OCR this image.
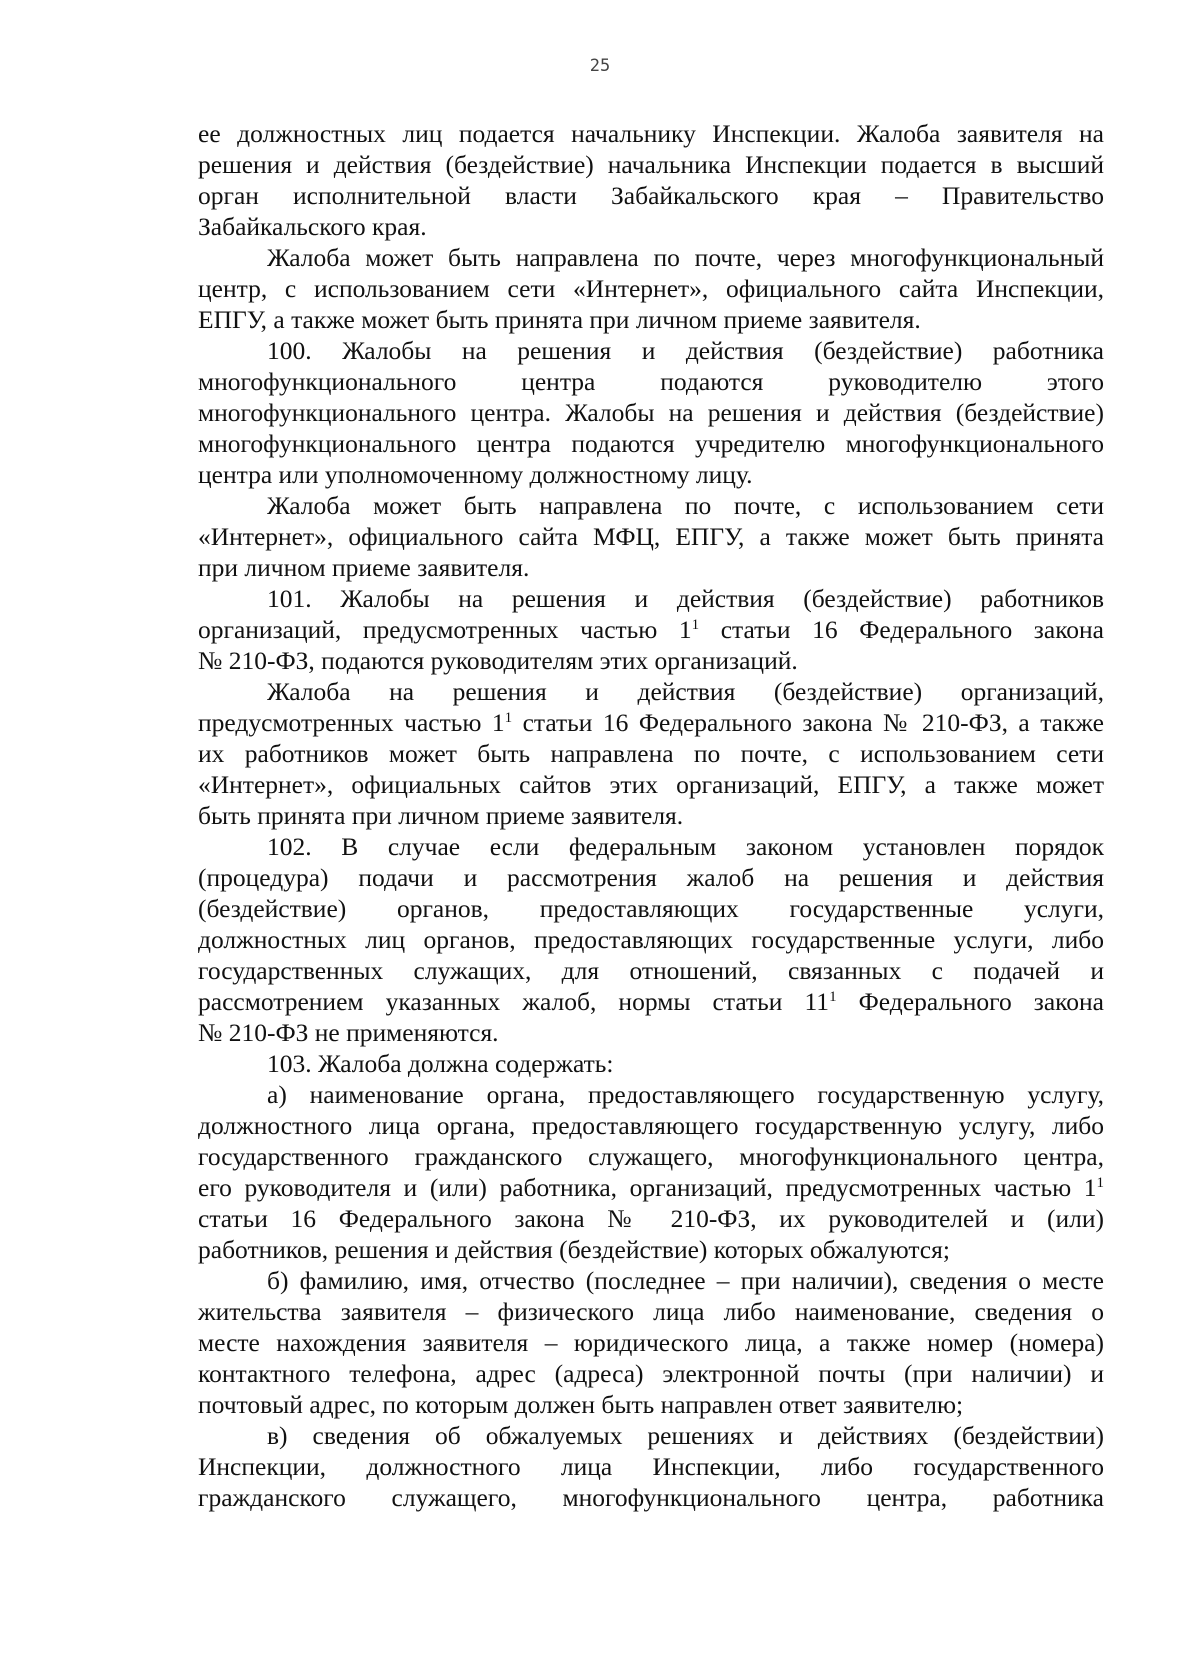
25
ее должностных лиц подается начальнику Инспекции. Жалоба заявителя на
решения и действия (бездействие) начальника Инспекции подается в высший
орган исполнительной власти Забайкальского края – Правительство
Забайкальского края.
Жалоба может быть направлена по почте, через многофункциональный
центр, с использованием сети «Интернет», официального сайта Инспекции,
ЕПГУ, а также может быть принята при личном приеме заявителя.
100. Жалобы на решения и действия (бездействие) работника
многофункционального центра подаются руководителю этого
многофункционального центра. Жалобы на решения и действия (бездействие)
многофункционального центра подаются учредителю многофункционального
центра или уполномоченному должностному лицу.
Жалоба может быть направлена по почте, с использованием сети
«Интернет», официального сайта МФЦ, ЕПГУ, а также может быть принята
при личном приеме заявителя.
101. Жалобы на решения и действия (бездействие) работников
организаций, предусмотренных частью $1^1$ статьи 16 Федерального закона
№ 210-ФЗ, подаются руководителям этих организаций.
Жалоба на решения и действия (бездействие) организаций,
предусмотренных частью $1^1$ статьи 16 Федерального закона № 210-ФЗ, а также
их работников может быть направлена по почте, с использованием сети
«Интернет», официальных сайтов этих организаций, ЕПГУ, а также может
быть принята при личном приеме заявителя.
102. В случае если федеральным законом установлен порядок
(процедура) подачи и рассмотрения жалоб на решения и действия
(бездействие) органов, предоставляющих государственные услуги,
должностных лиц органов, предоставляющих государственные услуги, либо
государственных служащих, для отношений, связанных с подачей и
рассмотрением указанных жалоб, нормы статьи $11^1$ Федерального закона
№ 210-ФЗ не применяются.
103. Жалоба должна содержать:
а) наименование органа, предоставляющего государственную услугу,
должностного лица органа, предоставляющего государственную услугу, либо
государственного гражданского служащего, многофункционального центра,
его руководителя и (или) работника, организаций, предусмотренных частью $1^1$
статьи 16 Федерального закона № 210-ФЗ, их руководителей и (или)
работников, решения и действия (бездействие) которых обжалуются;
б) фамилию, имя, отчество (последнее – при наличии), сведения о месте
жительства заявителя – физического лица либо наименование, сведения о
месте нахождения заявителя – юридического лица, а также номер (номера)
контактного телефона, адрес (адреса) электронной почты (при наличии) и
почтовый адрес, по которым должен быть направлен ответ заявителю;
в) сведения об обжалуемых решениях и действиях (бездействии)
Инспекции, должностного лица Инспекции, либо государственного
гражданского служащего, многофункционального центра, работника
